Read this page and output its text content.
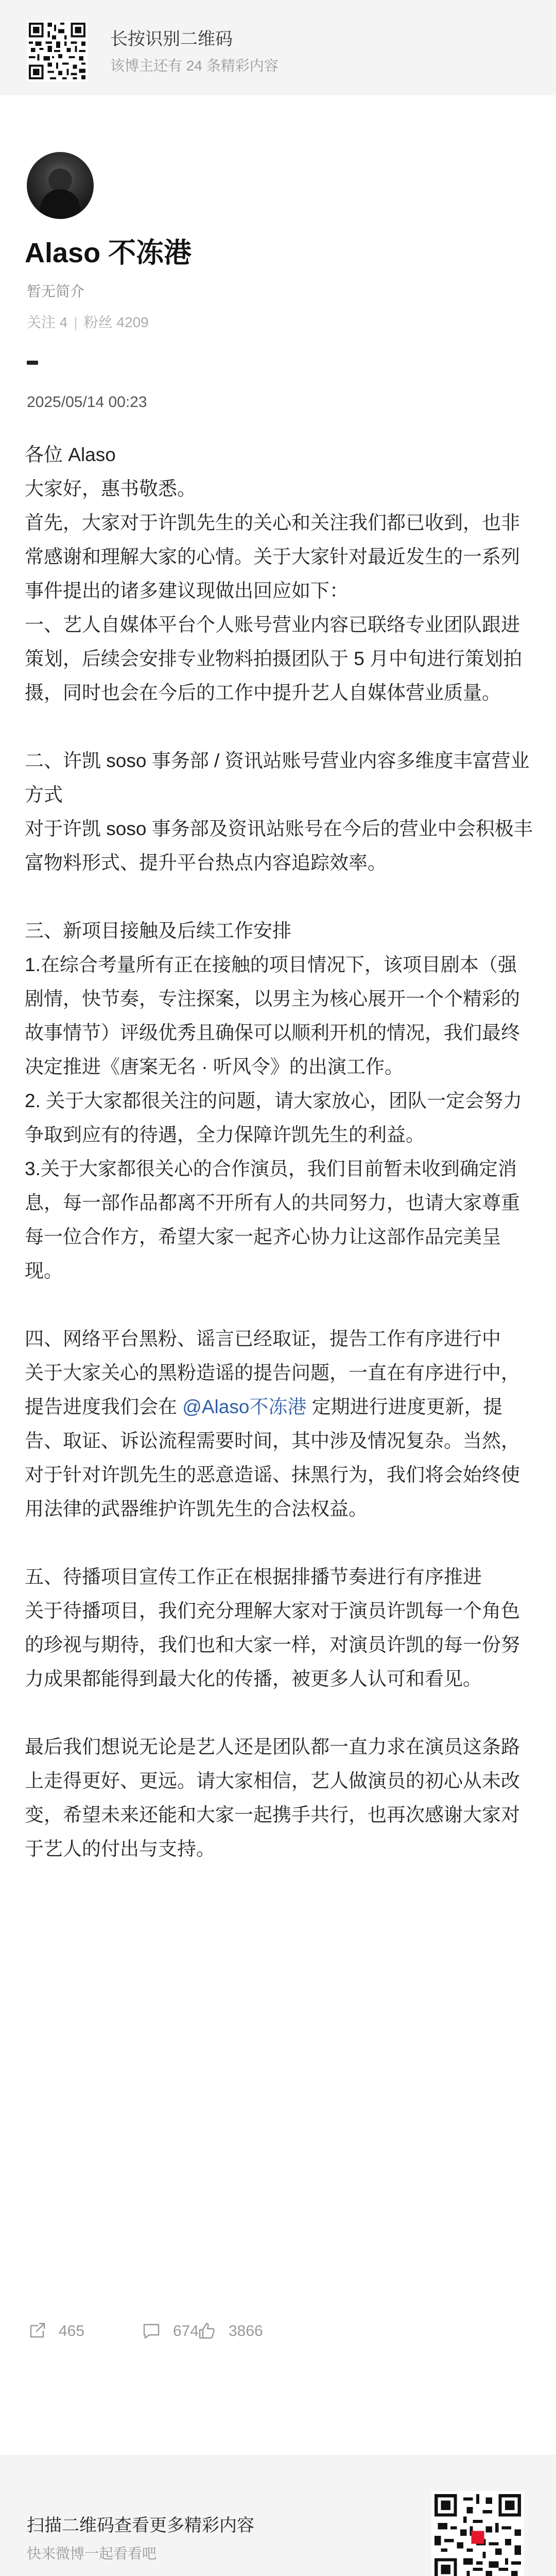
长按识别二维码
该博主还有 24 条精彩内容
Alaso 不冻港
暂无简介
关注 4 | 粉丝 4209
2025/05/14 00:23

各位 Alaso

大家好，惠书敬悉。

首先，大家对于许凯先生的关心和关注我们都已收到，也非常感谢和理解大家的心情。关于大家针对最近发生的一系列事件提出的诸多建议现做出回应如下：

一、艺人自媒体平台个人账号营业内容已联络专业团队跟进策划，后续会安排专业物料拍摄团队于 5 月中旬进行策划拍摄，同时也会在今后的工作中提升艺人自媒体营业质量。

二、许凯 soso 事务部 / 资讯站账号营业内容多维度丰富营业方式

对于许凯 soso 事务部及资讯站账号在今后的营业中会积极丰富物料形式、提升平台热点内容追踪效率。

三、新项目接触及后续工作安排

1.在综合考量所有正在接触的项目情况下，该项目剧本（强剧情，快节奏，专注探案，以男主为核心展开一个个精彩的故事情节）评级优秀且确保可以顺利开机的情况，我们最终决定推进《唐案无名 · 听风令》的出演工作。

2. 关于大家都很关注的问题，请大家放心，团队一定会努力争取到应有的待遇，全力保障许凯先生的利益。

3.关于大家都很关心的合作演员，我们目前暂未收到确定消息，每一部作品都离不开所有人的共同努力，也请大家尊重每一位合作方，希望大家一起齐心协力让这部作品完美呈现。

四、网络平台黑粉、谣言已经取证，提告工作有序进行中

关于大家关心的黑粉造谣的提告问题，一直在有序进行中，提告进度我们会在 @Alaso不冻港 定期进行进度更新，提告、取证、诉讼流程需要时间，其中涉及情况复杂。当然，对于针对许凯先生的恶意造谣、抹黑行为，我们将会始终使用法律的武器维护许凯先生的合法权益。

五、待播项目宣传工作正在根据排播节奏进行有序推进

关于待播项目，我们充分理解大家对于演员许凯每一个角色的珍视与期待，我们也和大家一样，对演员许凯的每一份努力成果都能得到最大化的传播，被更多人认可和看见。

最后我们想说无论是艺人还是团队都一直力求在演员这条路上走得更好、更远。请大家相信，艺人做演员的初心从未改变，希望未来还能和大家一起携手共行，也再次感谢大家对于艺人的付出与支持。

465	674 3866
扫描二维码查看更多精彩内容
快来微博一起看看吧
